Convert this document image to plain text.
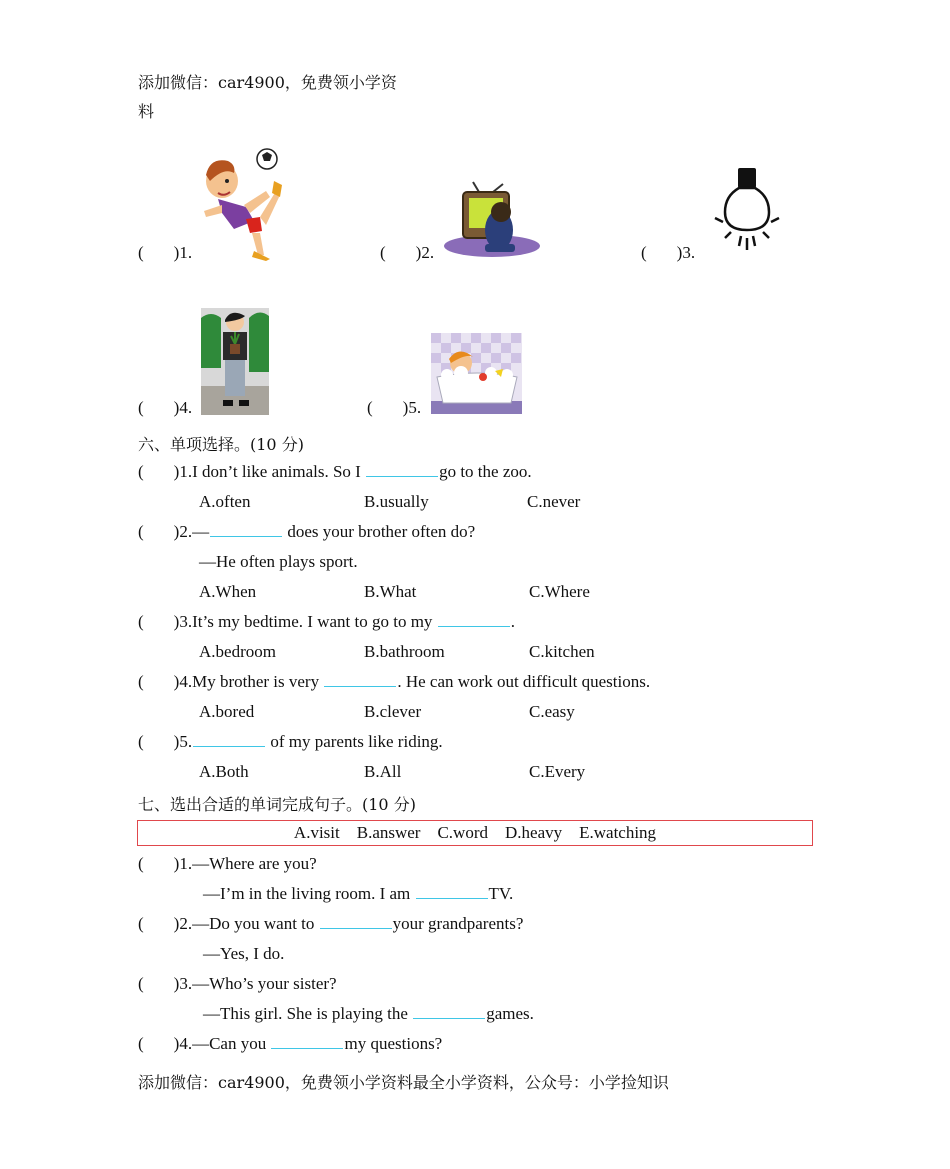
添加微信：car4900，免费领小学资
料
( )1.	( )2.	( )3.
( )4.	( )5.
六、单项选择。(10 分)
( )1.I don’t like animals. So I	go to the zoo.
A.often	B.usually	C.never
( )2.—	does your brother often do?
—He often plays sport.
A.When	B.What	C.Where
( )3.It’s my bedtime. I want to go to my	.
A.bedroom	B.bathroom	C.kitchen
( )4.My brother is very	. He can work out difficult questions.
A.bored	B.clever	C.easy
( )5.	of my parents like riding.
A.Both	B.All	C.Every
七、选出合适的单词完成句子。(10 分)
A.visit    B.answer    C.word    D.heavy    E.watching
( )1.—Where are you?
—I’m in the living room. I am	TV.
( )2.—Do you want to	your grandparents?
—Yes, I do.
( )3.—Who’s your sister?
—This girl. She is playing the	games.
( )4.—Can you	my questions?
添加微信：car4900，免费领小学资料最全小学资料，公众号：小学捡知识
